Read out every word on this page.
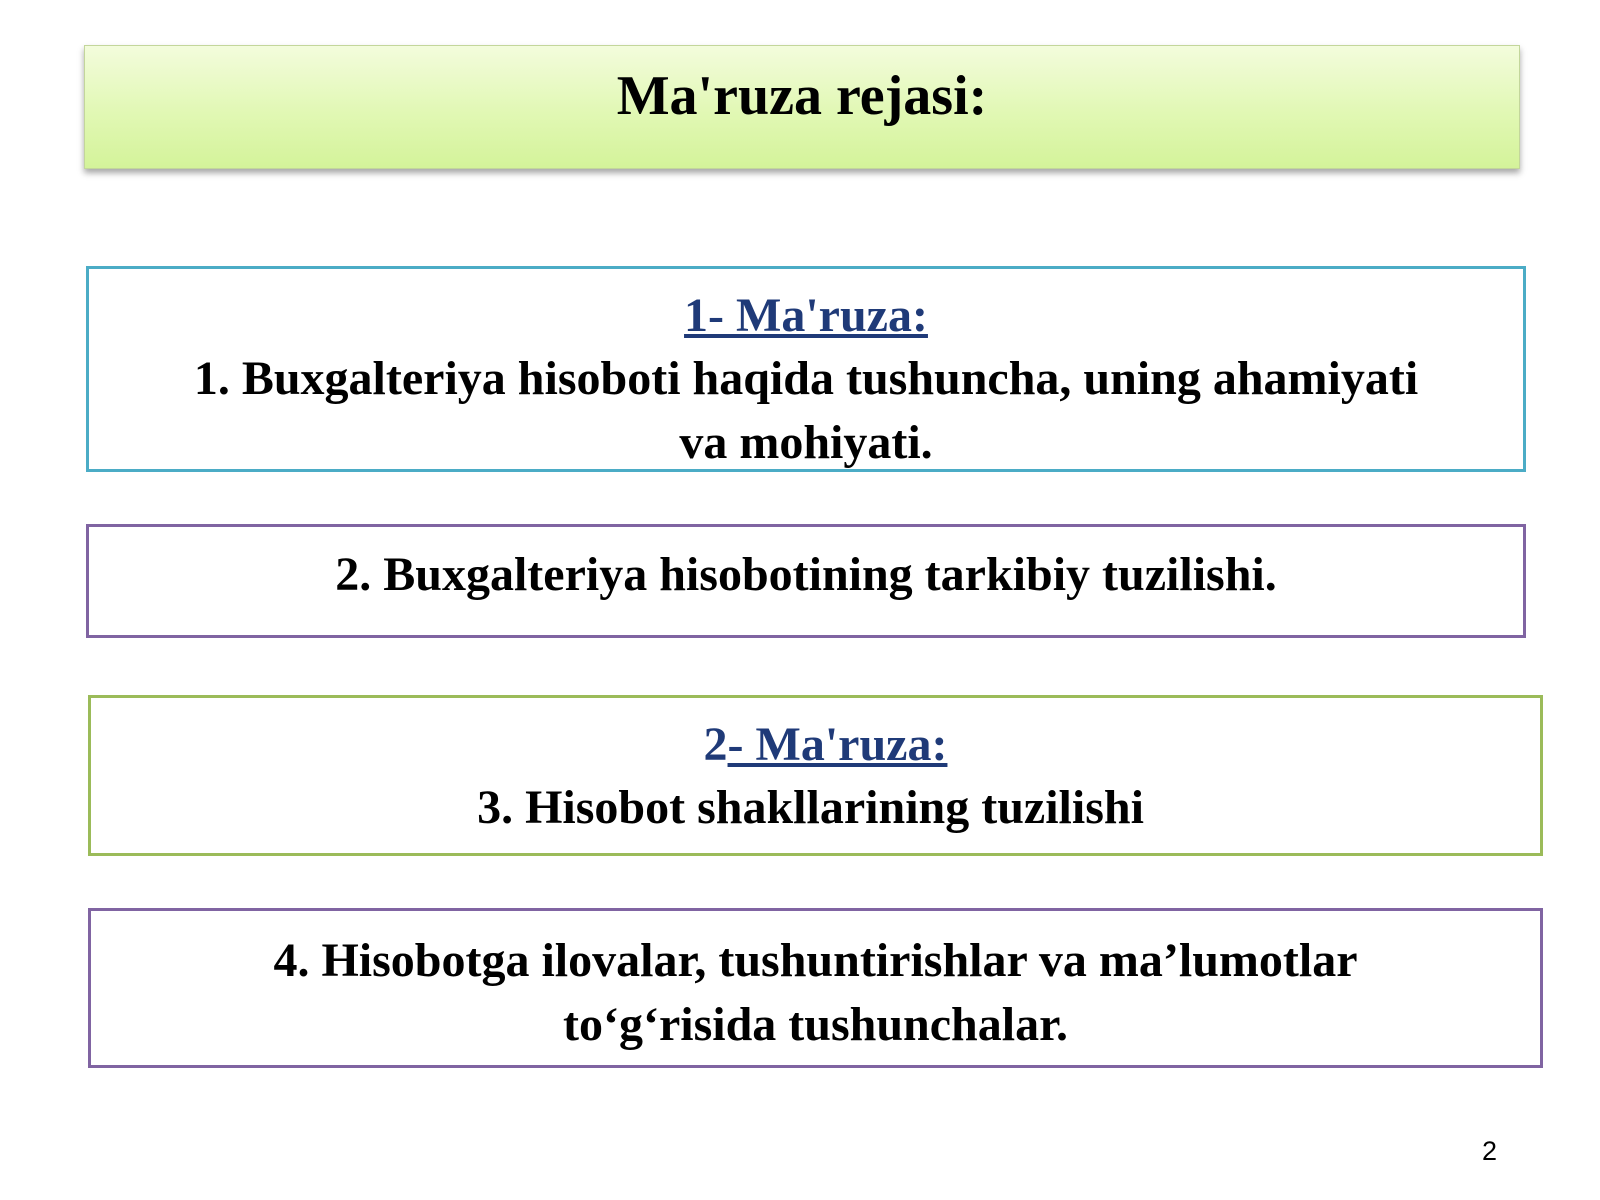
Ma'ruza rejasi:
1- Ma'ruza:
1. Buxgalteriya hisoboti haqida tushuncha, uning ahamiyati
va mohiyati.
2. Buxgalteriya hisobotining tarkibiy tuzilishi.
2- Ma'ruza:
3. Hisobot shakllarining tuzilishi
4. Hisobotga ilovalar, tushuntirishlar va ma’lumotlar
to‘g‘risida tushunchalar.
2
